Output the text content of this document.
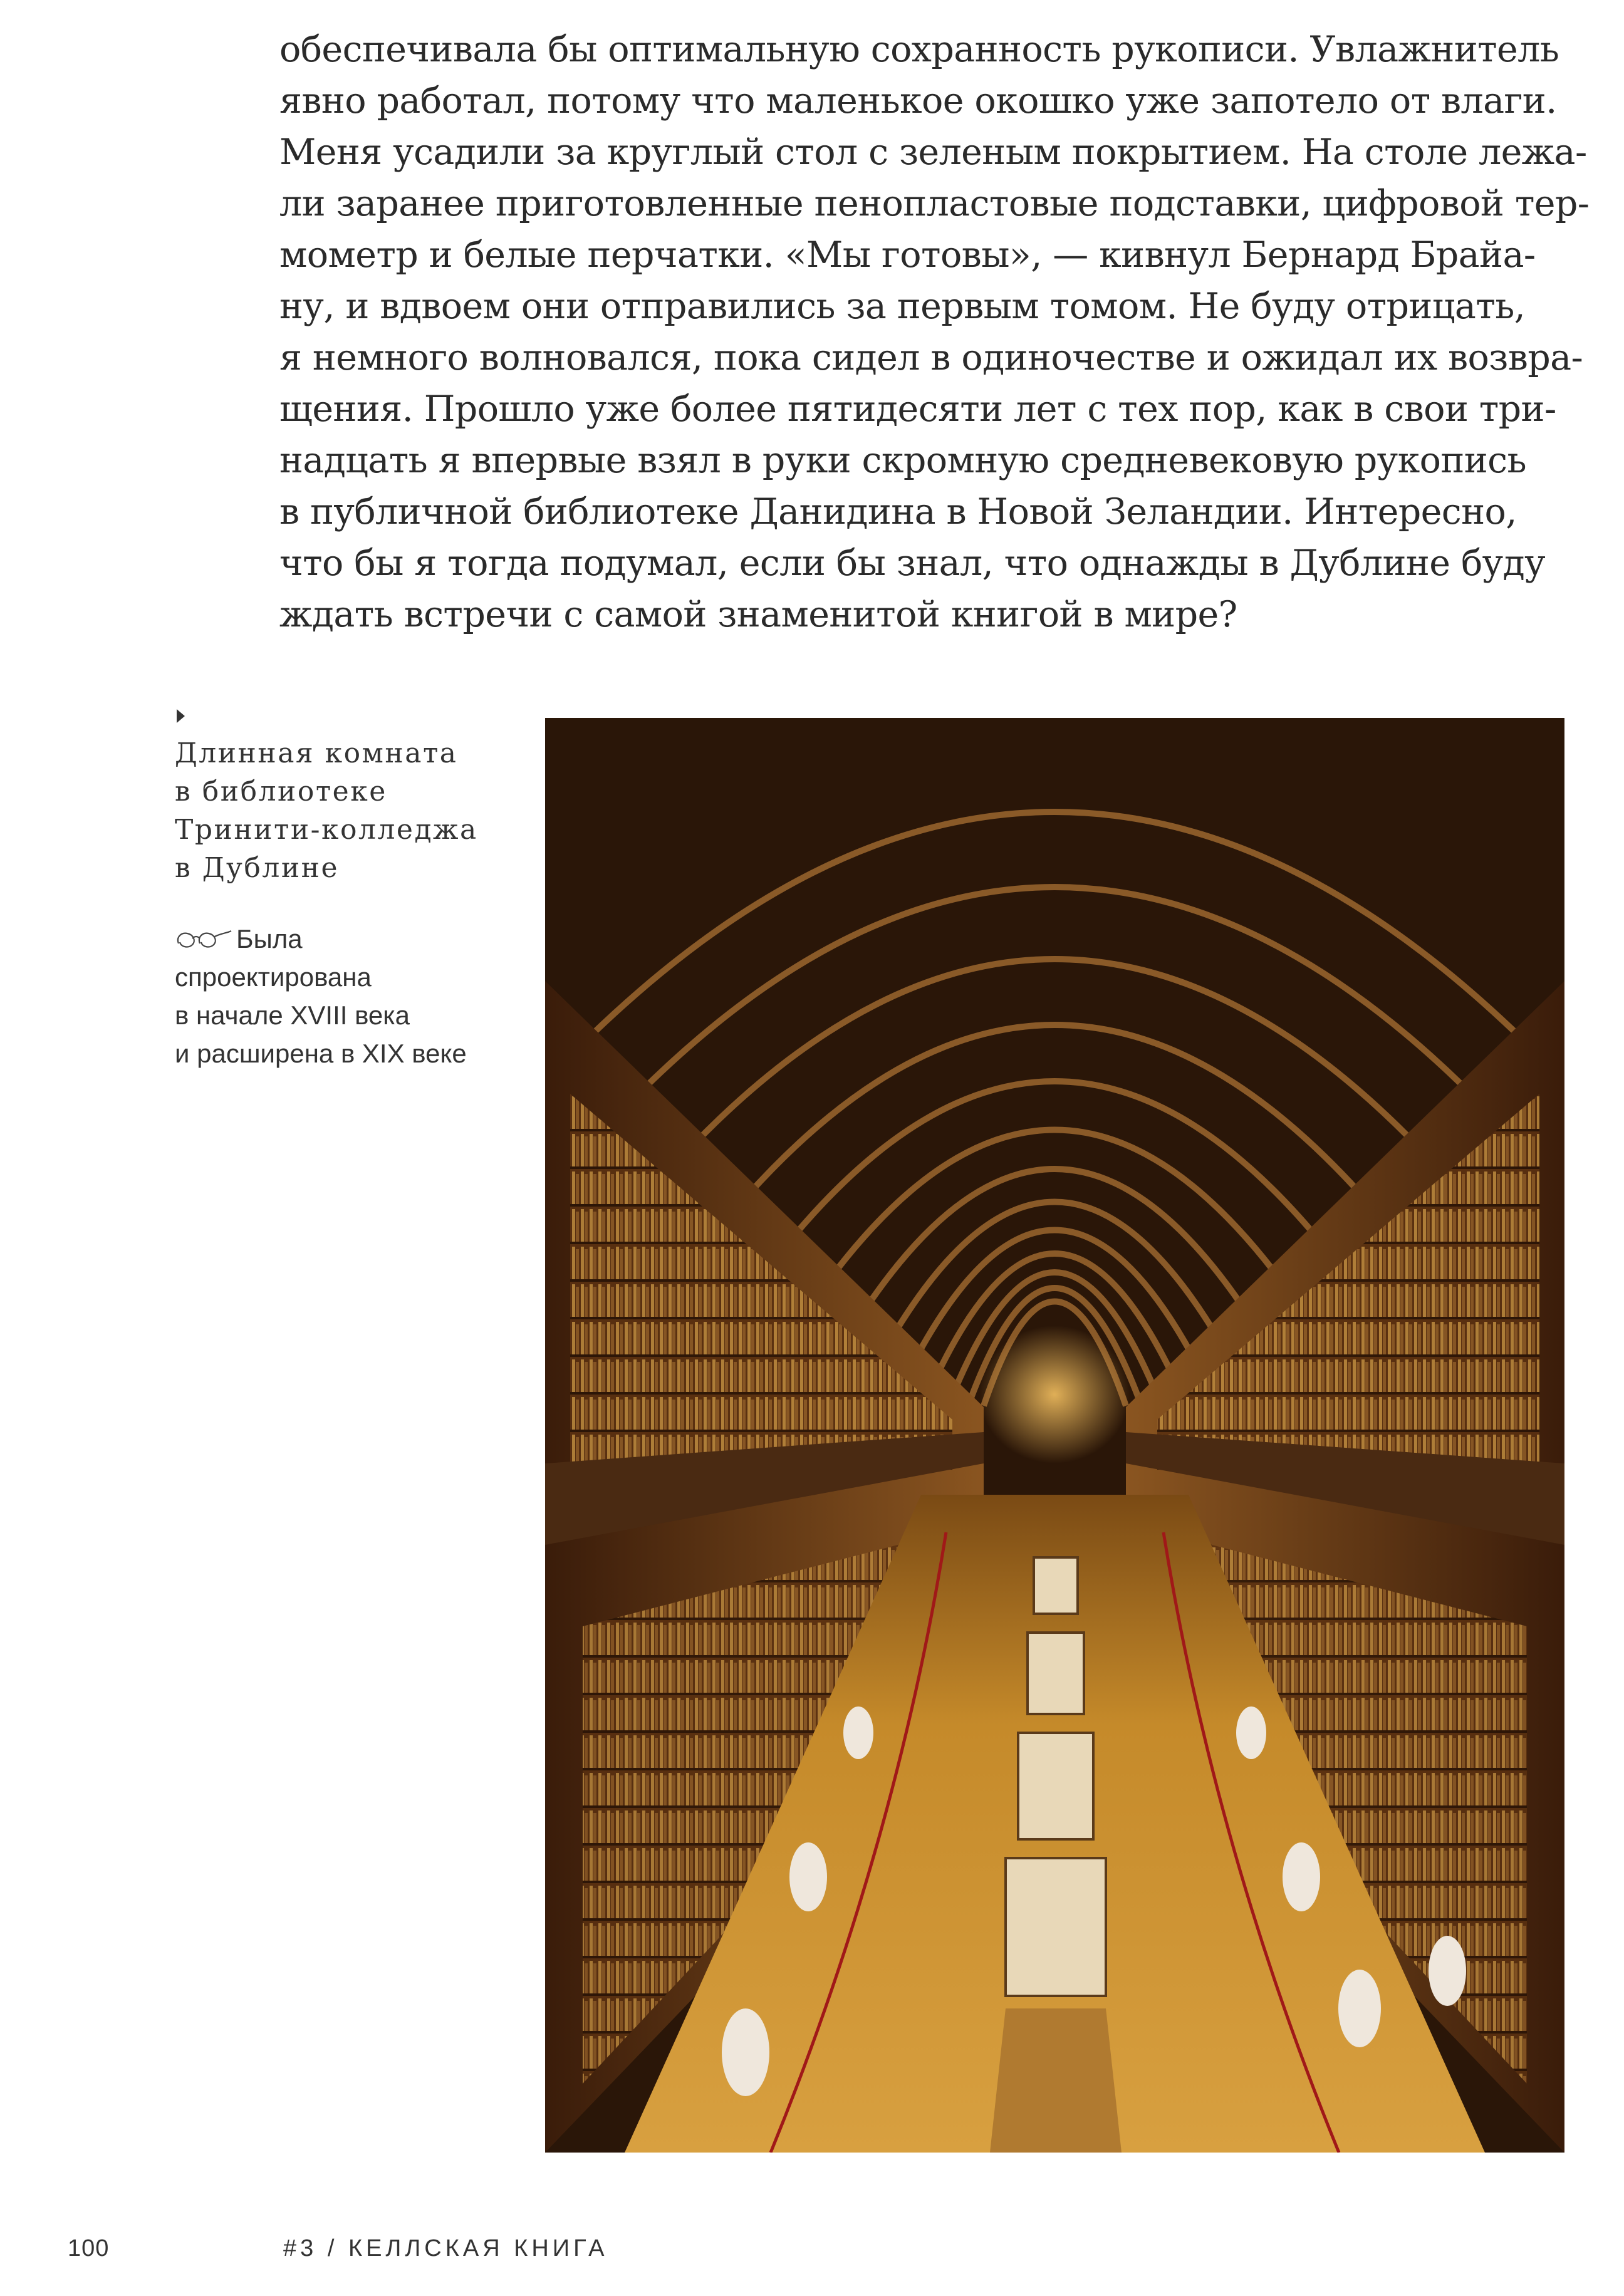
обеспечивала бы оптимальную сохранность рукописи. Увлажнитель
явно работал, потому что маленькое окошко уже запотело от влаги.
Меня усадили за круглый стол с зеленым покрытием. На столе лежа-
ли заранее приготовленные пенопластовые подставки, цифровой тер-
мометр и белые перчатки. «Мы готовы», — кивнул Бернард Брайа-
ну, и вдвоем они отправились за первым томом. Не буду отрицать,
я немного волновался, пока сидел в одиночестве и ожидал их возвра-
щения. Прошло уже более пятидесяти лет с тех пор, как в свои три-
надцать я впервые взял в руки скромную средневековую рукопись
в публичной библиотеке Данидина в Новой Зеландии. Интересно,
что бы я тогда подумал, если бы знал, что однажды в Дублине буду
ждать встречи с самой знаменитой книгой в мире?
Длинная комната
в библиотеке
Тринити-колледжа
в Дублине
Была
спроектирована
в начале XVIII века
и расширена в XIX веке
100	#3 / КЕЛЛСКАЯ КНИГА
